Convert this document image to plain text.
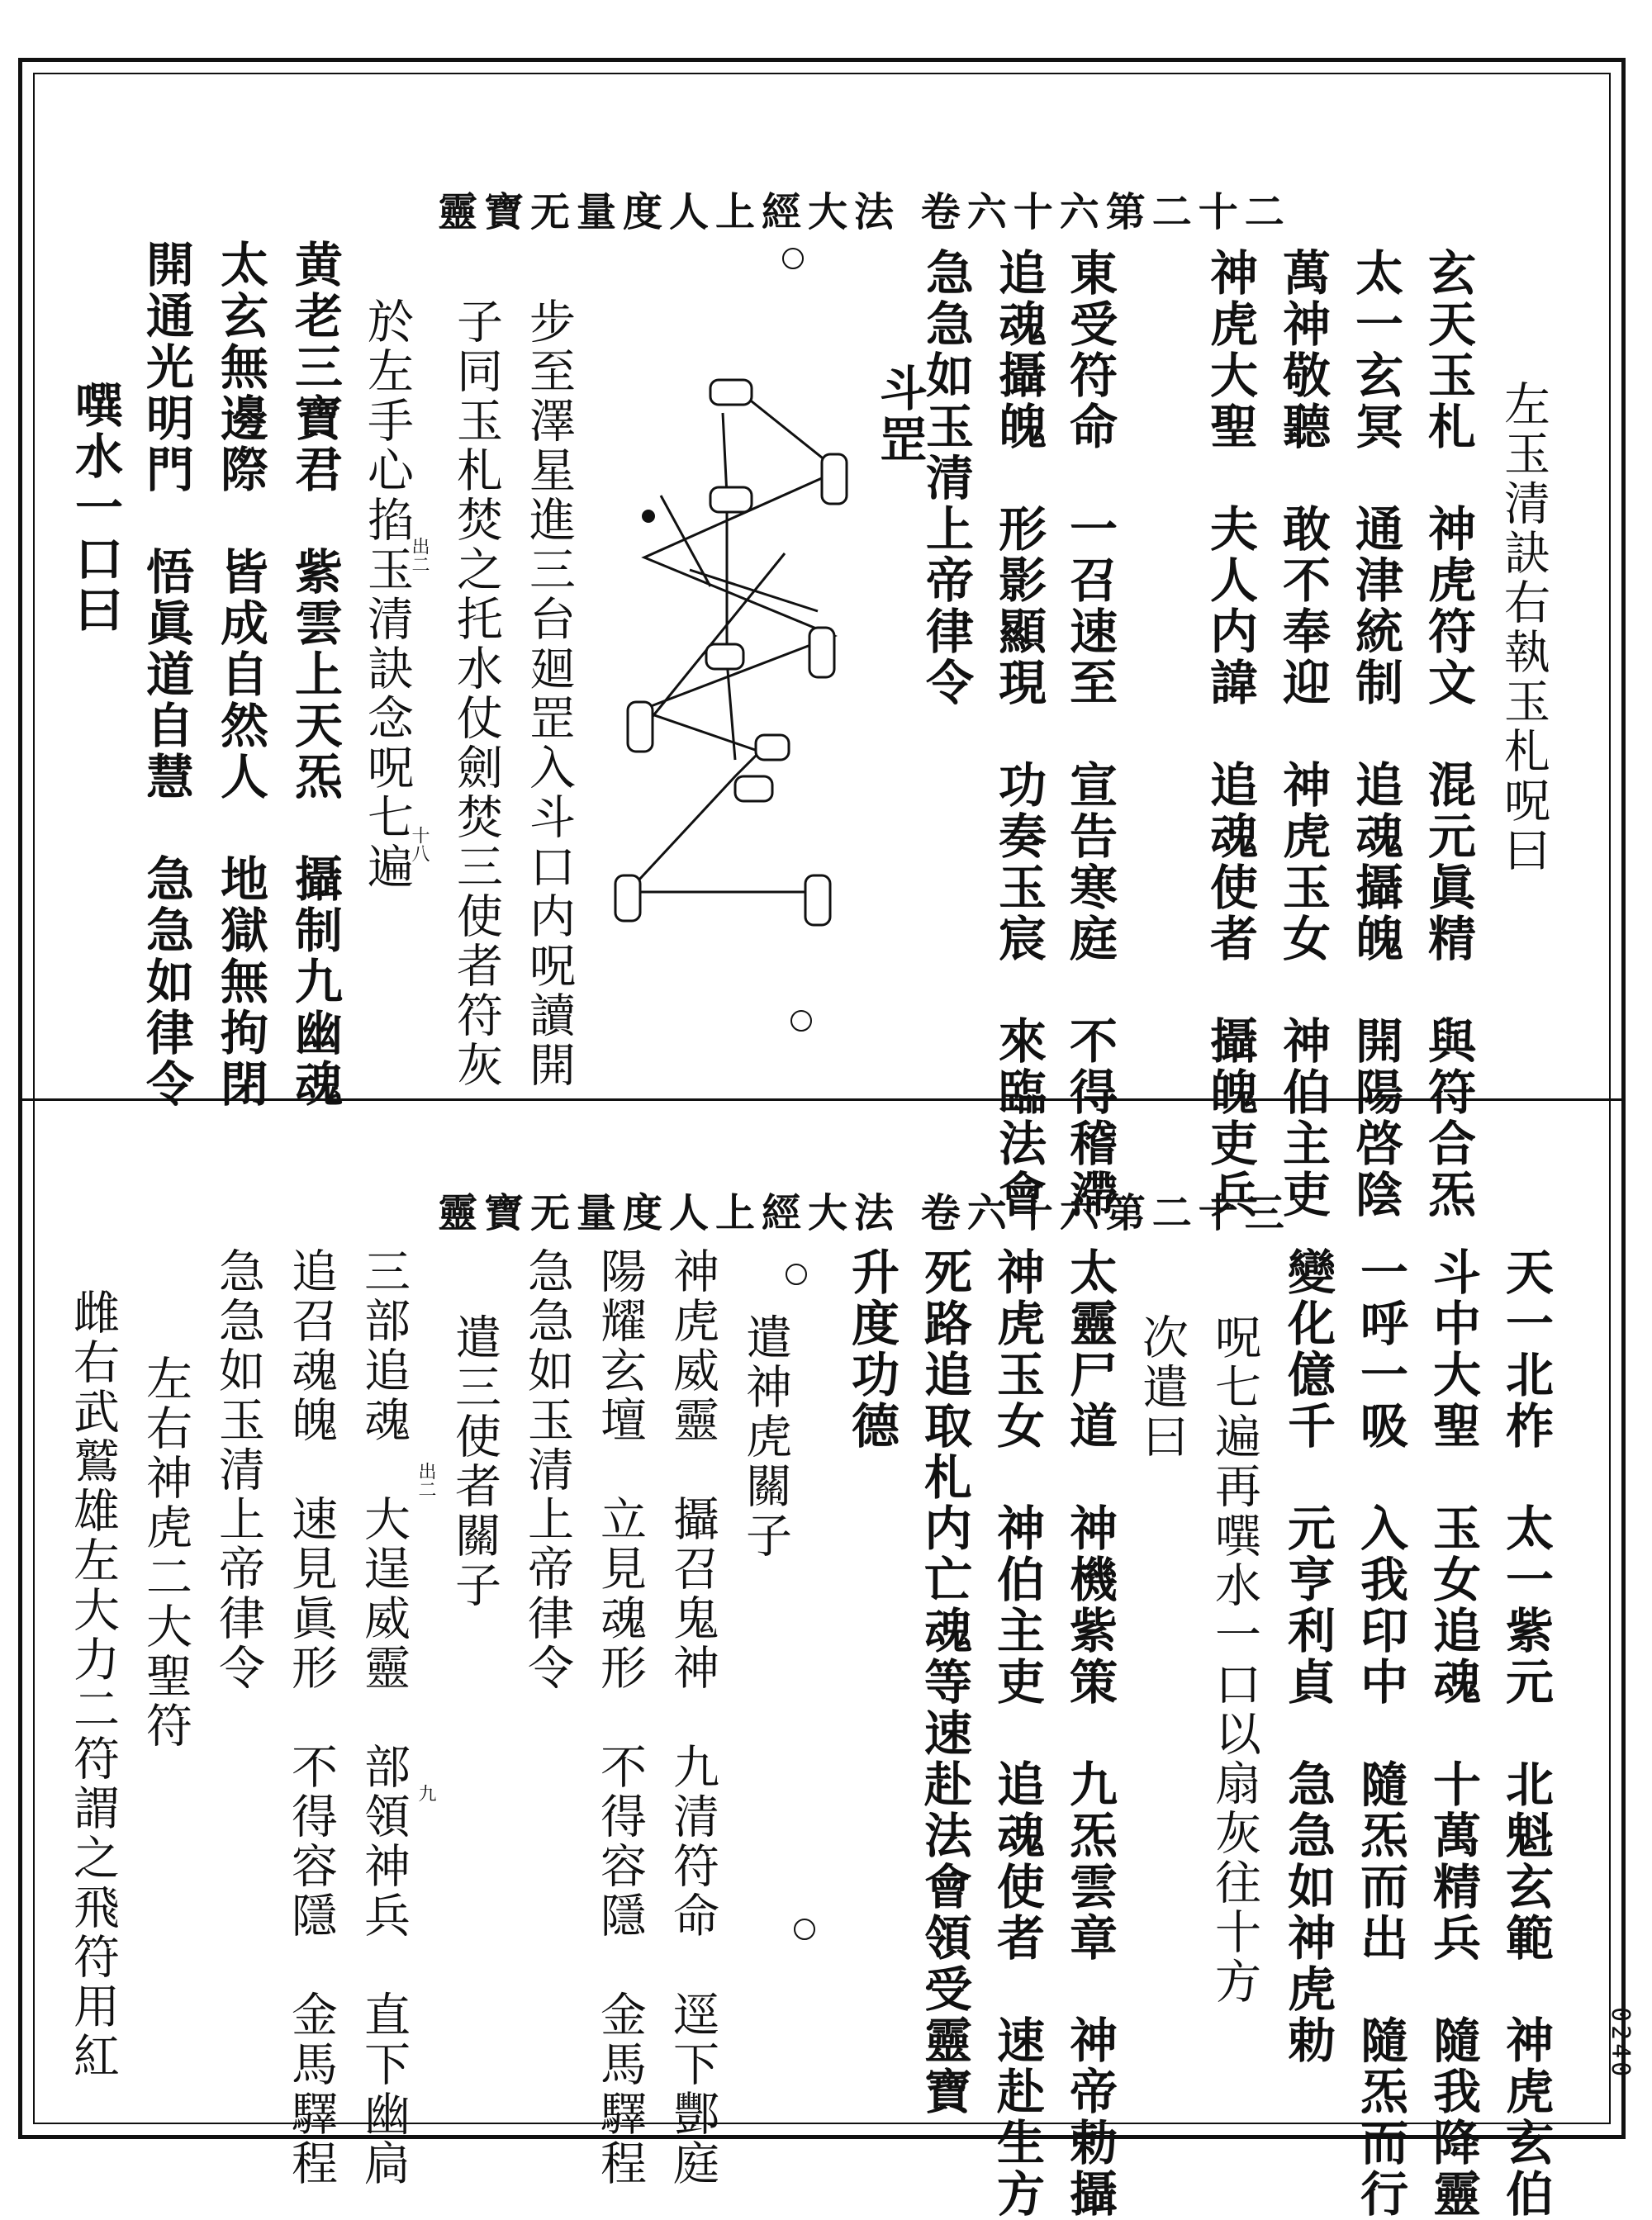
靈寶无量度人上經大法 卷六十六第二十二
左玉清訣右執玉札呪曰
玄天玉札　神虎符文　混元眞精　與符合炁
太一玄冥　通津統制　追魂攝魄　開陽啓陰
萬神敬聽　敢不奉迎　神虎玉女　神伯主吏
神虎大聖　夫人内諱　追魂使者　攝魄吏兵
東受符命　一召速至　宣告寒庭　不得稽滯
追魂攝魄　形影顯現　功奏玉宸　來臨法會
急急如玉清上帝律令
斗罡
步至澤星進三台廻罡入斗口内呪讀開
子同玉札焚之托水仗劍焚三使者符灰
於左手心掐玉清訣念呪七遍
出二
十八
黄老三寶君　紫雲上天炁　攝制九幽魂
太玄無邊際　皆成自然人　地獄無拘閉
開通光明門　悟眞道自慧　急急如律令
噀水一口曰
靈寶无量度人上經大法 卷六十六第二十三
天一北柞　太一紫元　北魁玄範　神虎玄伯
斗中大聖　玉女追魂　十萬精兵　隨我降靈
一呼一吸　入我印中　隨炁而出　隨炁而行
變化億千　元亨利貞　急急如神虎勅
呪七遍再噀水一口以扇灰往十方
次遣曰
太靈尸道　神機紫策　九炁雲章　神帝勅攝
神虎玉女　神伯主吏　追魂使者　速赴生方
死路追取札内亡魂等速赴法會領受靈寶
升度功德
遣神虎關子
神虎威靈　攝召鬼神　九清符命　逕下酆庭
陽耀玄壇　立見魂形　不得容隱　金馬驛程
急急如玉清上帝律令
遣三使者關子
出二
九
三部追魂　大逞威靈　部領神兵　直下幽扃
追召魂魄　速見眞形　不得容隱　金馬驛程
急急如玉清上帝律令
左右神虎二大聖符
雌右武鷲雄左大力二符謂之飛符用紅	0240
